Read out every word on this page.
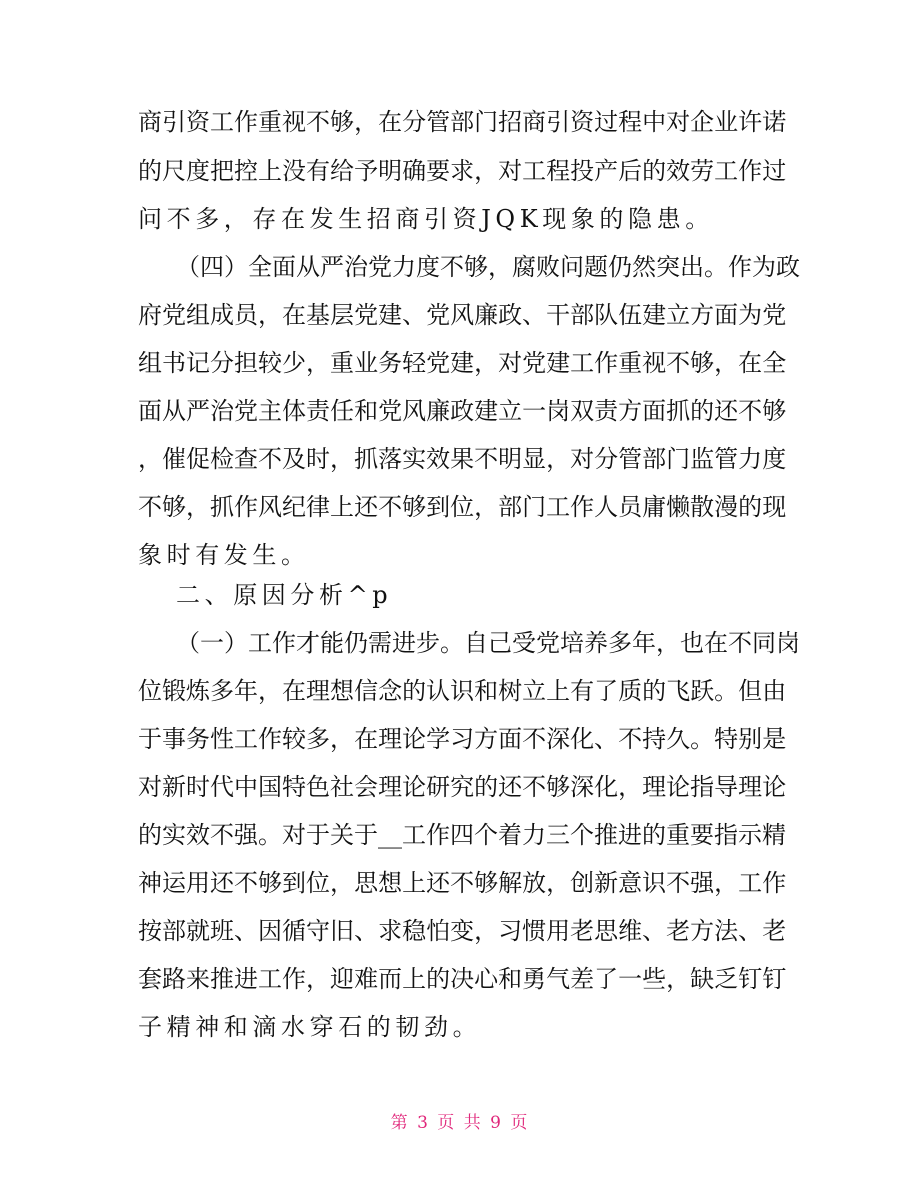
商引资工作重视不够，在分管部门招商引资过程中对企业许诺
的尺度把控上没有给予明确要求，对工程投产后的效劳工作过
问不多，存在发生招商引资JQK现象的隐患。
（四）全面从严治党力度不够，腐败问题仍然突出。作为政
府党组成员，在基层党建、党风廉政、干部队伍建立方面为党
组书记分担较少，重业务轻党建，对党建工作重视不够，在全
面从严治党主体责任和党风廉政建立一岗双责方面抓的还不够
，催促检查不及时，抓落实效果不明显，对分管部门监管力度
不够，抓作风纪律上还不够到位，部门工作人员庸懒散漫的现
象时有发生。
二、原因分析^p
（一）工作才能仍需进步。自己受党培养多年，也在不同岗
位锻炼多年，在理想信念的认识和树立上有了质的飞跃。但由
于事务性工作较多，在理论学习方面不深化、不持久。特别是
对新时代中国特色社会理论研究的还不够深化，理论指导理论
的实效不强。对于关于__工作四个着力三个推进的重要指示精
神运用还不够到位，思想上还不够解放，创新意识不强，工作
按部就班、因循守旧、求稳怕变，习惯用老思维、老方法、老
套路来推进工作，迎难而上的决心和勇气差了一些，缺乏钉钉
子精神和滴水穿石的韧劲。
第 3 页 共 9 页
